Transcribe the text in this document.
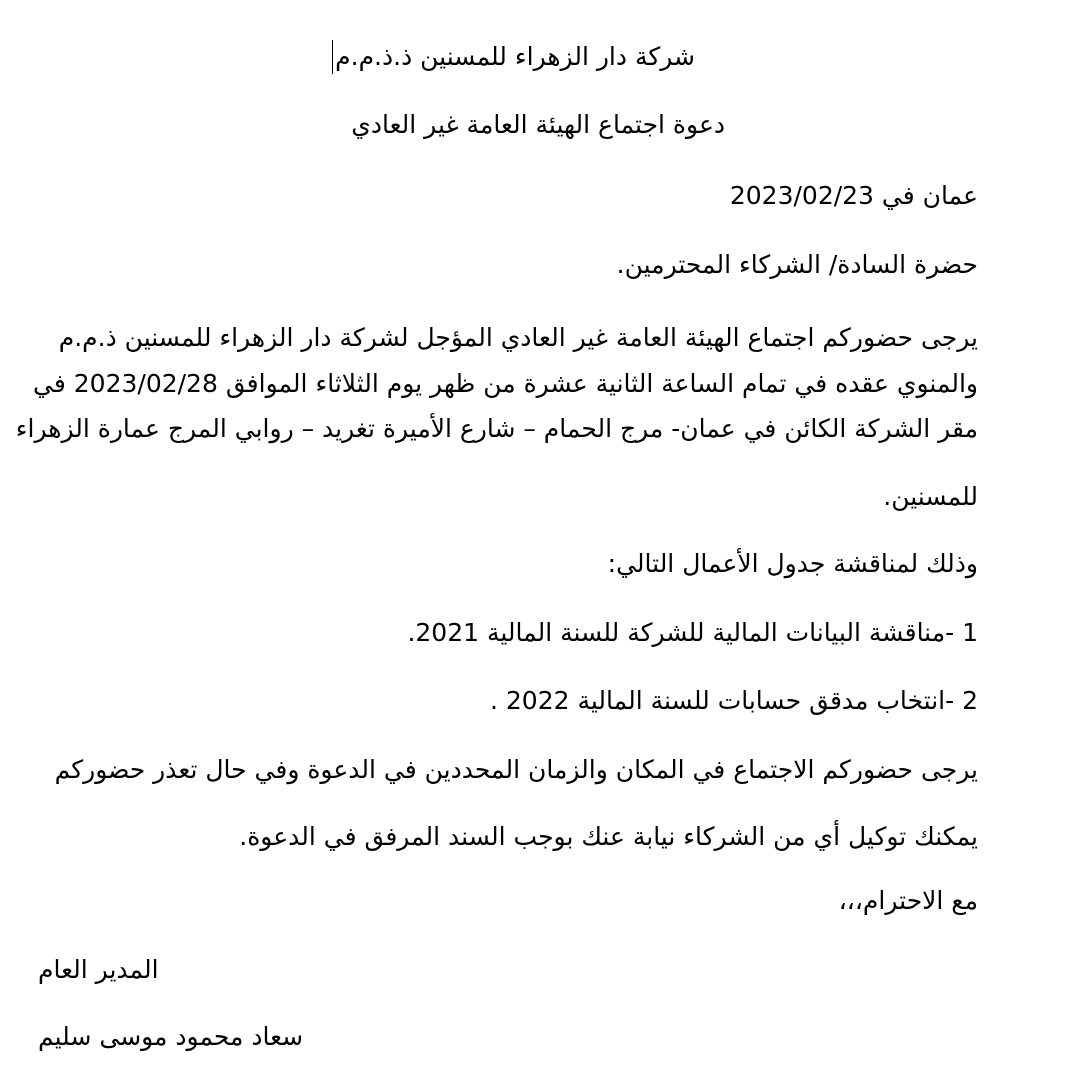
شركة دار الزهراء للمسنين ذ.ذ.م.م
دعوة اجتماع الهيئة العامة غير العادي
عمان في 2023/02/23
حضرة السادة/ الشركاء المحترمين.
يرجى حضوركم اجتماع الهيئة العامة غير العادي المؤجل لشركة دار الزهراء للمسنين ذ.م.م
والمنوي عقده في تمام الساعة الثانية عشرة من ظهر يوم الثلاثاء الموافق 2023/02/28 في
مقر الشركة الكائن في عمان- مرج الحمام – شارع الأميرة تغريد – روابي المرج عمارة الزهراء
للمسنين.
وذلك لمناقشة جدول الأعمال التالي:
1 -مناقشة البيانات المالية للشركة للسنة المالية 2021.
2 -انتخاب مدقق حسابات للسنة المالية 2022 .
يرجى حضوركم الاجتماع في المكان والزمان المحددين في الدعوة وفي حال تعذر حضوركم
يمكنك توكيل أي من الشركاء نيابة عنك بوجب السند المرفق في الدعوة.
مع الاحترام،،،
المدير العام
سعاد محمود موسى سليم
